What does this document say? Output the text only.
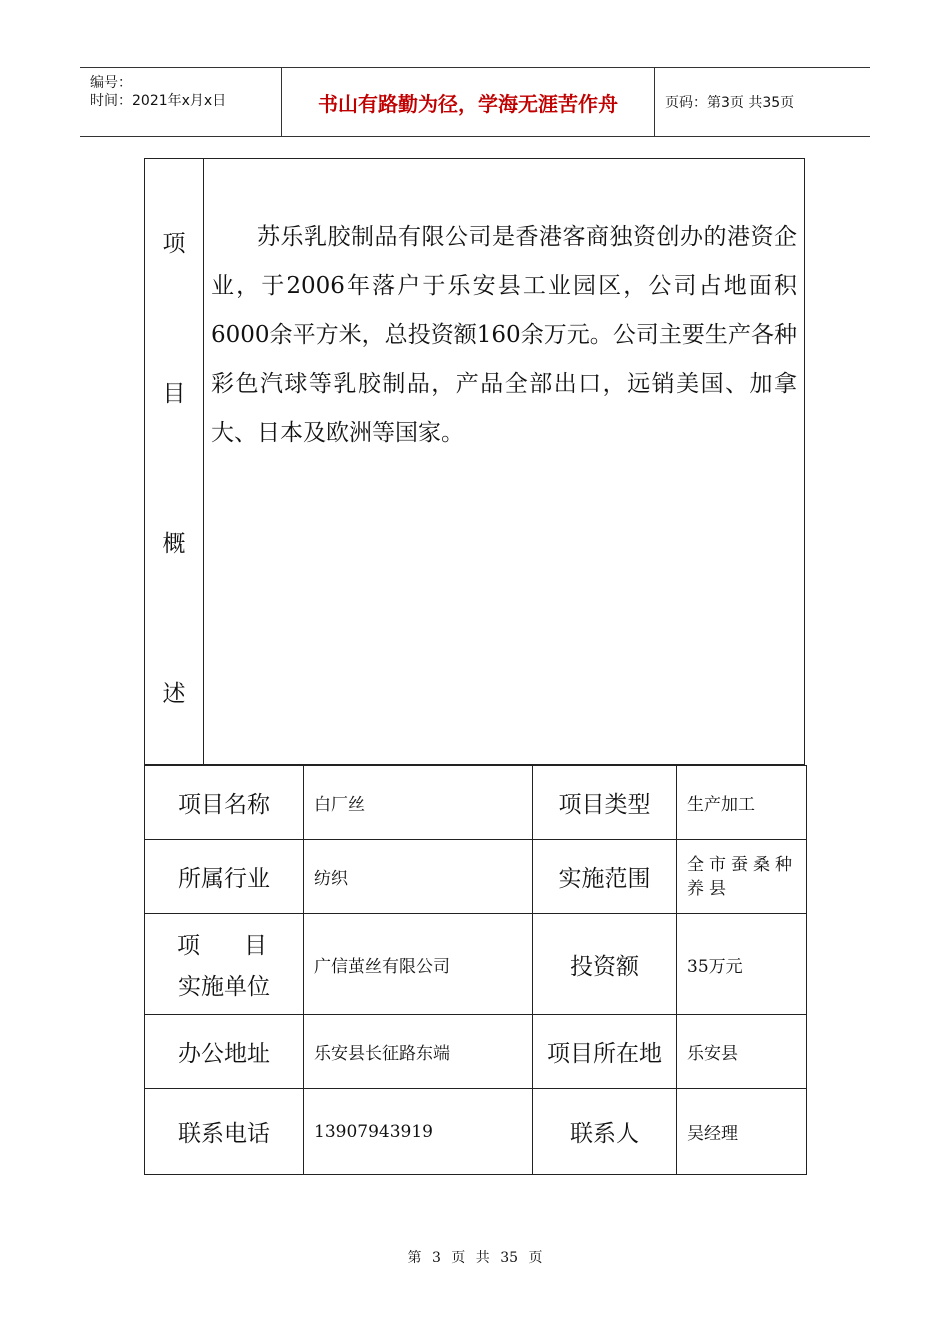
编号：
时间：2021年x月x日	书山有路勤为径，学海无涯苦作舟	页码：第3页 共35页
项
目
概
述
苏乐乳胶制品有限公司是香港客商独资创办的港资企业，于2006年落户于乐安县工业园区，公司占地面积6000余平方米，总投资额160余万元。公司主要生产各种彩色汽球等乳胶制品，产品全部出口，远销美国、加拿大、日本及欧洲等国家。
项目名称	白厂丝	项目类型	生产加工
所属行业	纺织	实施范围	全市蚕桑种养县

项 目
实施单位	广信茧丝有限公司	投资额	35万元
办公地址	乐安县长征路东端	项目所在地	乐安县
联系电话	13907943919	联系人	吴经理
第 3 页 共 35 页
